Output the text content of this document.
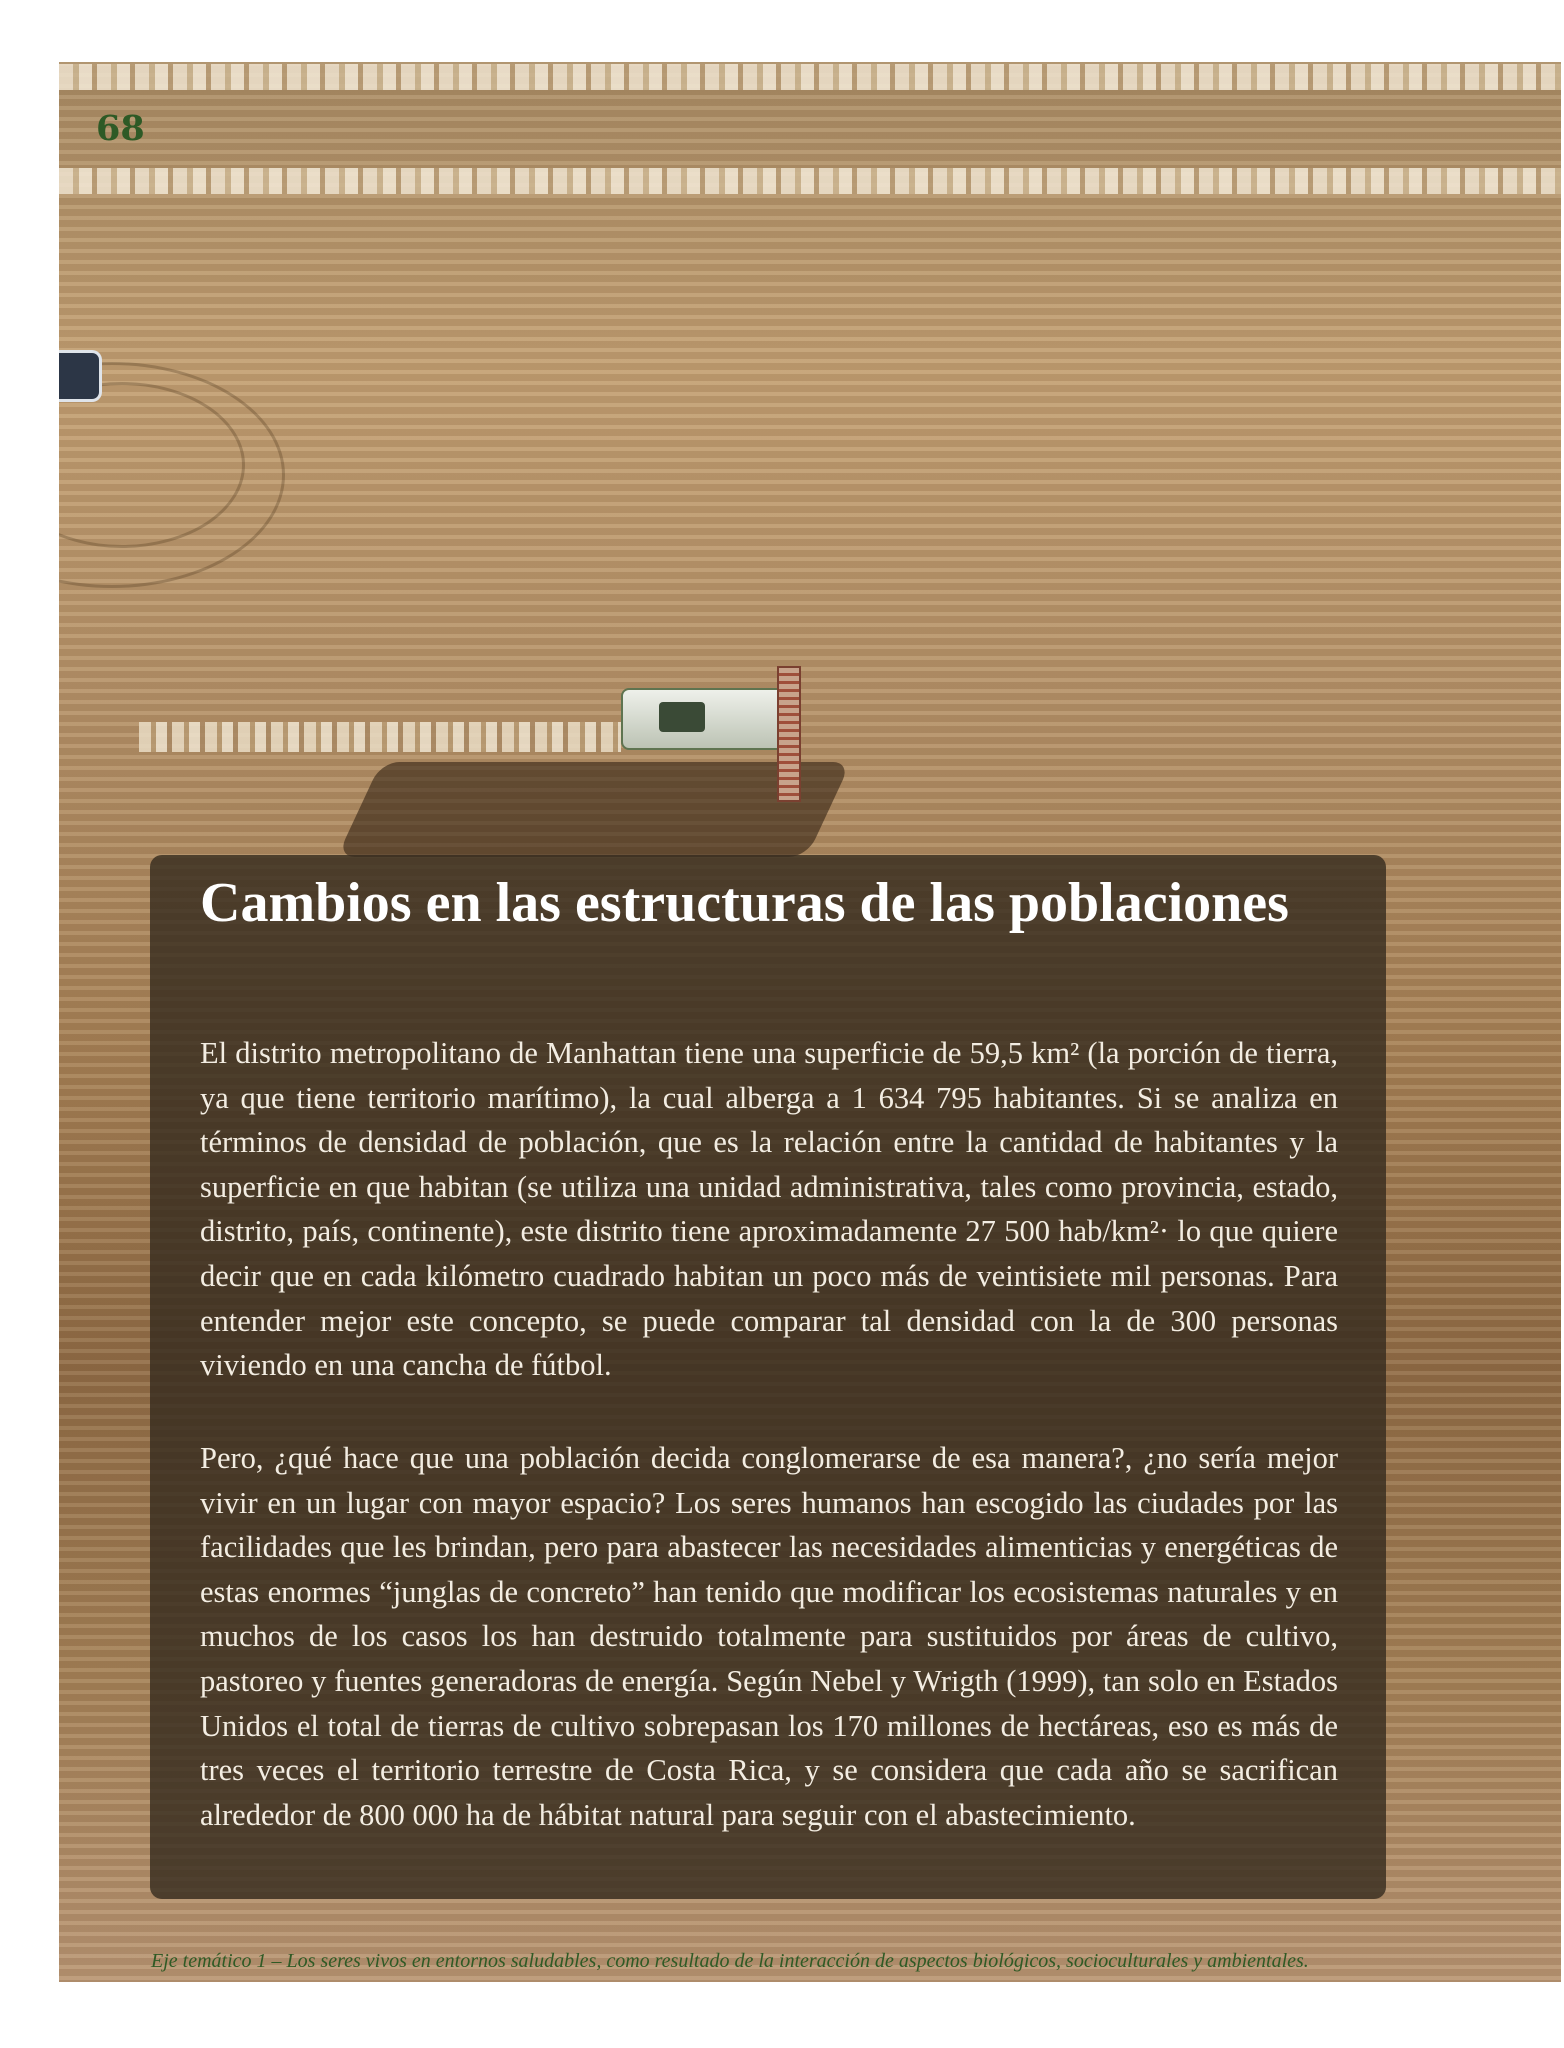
68

Cambios en las estructuras de las poblaciones

El distrito metropolitano de Manhattan tiene una superficie de 59,5 km² (la porción de tierra, ya que tiene territorio marítimo), la cual alberga a 1 634 795 habitantes. Si se analiza en términos de densidad de población, que es la relación entre la cantidad de habitantes y la superficie en que habitan (se utiliza una unidad administrativa, tales como provincia, estado, distrito, país, continente), este distrito tiene aproximadamente 27 500 hab/km²· lo que quiere decir que en cada kilómetro cuadrado habitan un poco más de veintisiete mil personas. Para entender mejor este concepto, se puede comparar tal densidad con la de 300 personas viviendo en una cancha de fútbol.

Pero, ¿qué hace que una población decida conglomerarse de esa manera?, ¿no sería mejor vivir en un lugar con mayor espacio? Los seres humanos han escogido las ciudades por las facilidades que les brindan, pero para abastecer las necesidades alimenticias y energéticas de estas enormes “junglas de concreto” han tenido que modificar los ecosistemas naturales y en muchos de los casos los han destruido totalmente para sustituidos por áreas de cultivo, pastoreo y fuentes generadoras de energía. Según Nebel y Wrigth (1999), tan solo en Estados Unidos el total de tierras de cultivo sobrepasan los 170 millones de hectáreas, eso es más de tres veces el territorio terrestre de Costa Rica, y se considera que cada año se sacrifican alrededor de 800 000 ha de hábitat natural para seguir con el abastecimiento.

Eje temático 1 – Los seres vivos en entornos saludables, como resultado de la interacción de aspectos biológicos, socioculturales y ambientales.
